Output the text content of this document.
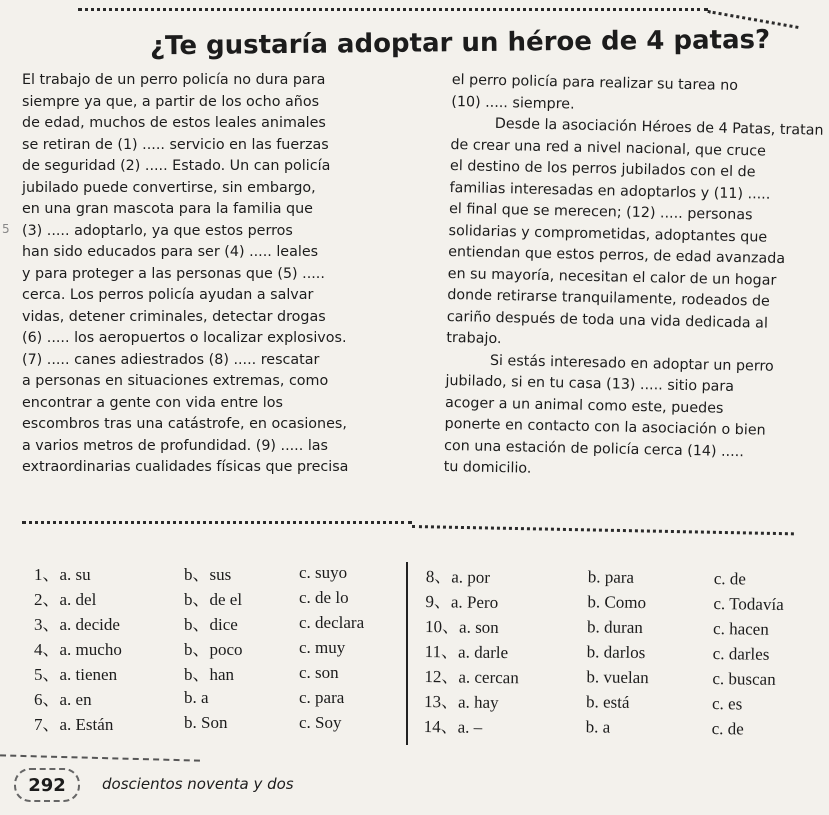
¿Te gustaría adoptar un héroe de 4 patas?
5

El trabajo de un perro policía no dura para

siempre ya que, a partir de los ocho años

de edad, muchos de estos leales animales

se retiran de (1) ..... servicio en las fuerzas

de seguridad (2) ..... Estado. Un can policía

jubilado puede convertirse, sin embargo,

en una gran mascota para la familia que

(3) ..... adoptarlo, ya que estos perros

han sido educados para ser (4) ..... leales

y para proteger a las personas que (5) .....

cerca. Los perros policía ayudan a salvar

vidas, detener criminales, detectar drogas

(6) ..... los aeropuertos o localizar explosivos.

(7) ..... canes adiestrados (8) ..... rescatar

a personas en situaciones extremas, como

encontrar a gente con vida entre los

escombros tras una catástrofe, en ocasiones,

a varios metros de profundidad. (9) ..... las

extraordinarias cualidades físicas que precisa

el perro policía para realizar su tarea no

(10) ..... siempre.

Desde la asociación Héroes de 4 Patas, tratan

de crear una red a nivel nacional, que cruce

el destino de los perros jubilados con el de

familias interesadas en adoptarlos y (11) .....

el final que se merecen; (12) ..... personas

solidarias y comprometidas, adoptantes que

entiendan que estos perros, de edad avanzada

en su mayoría, necesitan el calor de un hogar

donde retirarse tranquilamente, rodeados de

cariño después de toda una vida dedicada al

trabajo.

Si estás interesado en adoptar un perro

jubilado, si en tu casa (13) ..... sitio para

acoger a un animal como este, puedes

ponerte en contacto con la asociación o bien

con una estación de policía cerca (14) .....

tu domicilio.

1、a. su	b、sus	c. suyo
2、a. del	b、de el	c. de lo
3、a. decide	b、dice	c. declara
4、a. mucho	b、poco	c. muy
5、a. tienen	b、han	c. son
6、a. en	b. a	c. para
7、a. Están	b. Son	c. Soy
8、a. por	b. para	c. de
9、a. Pero	b. Como	c. Todavía
10、a. son	b. duran	c. hacen
11、a. darle	b. darlos	c. darles
12、a. cercan	b. vuelan	c. buscan
13、a. hay	b. está	c. es
14、a. –	b. a	c. de
292 doscientos noventa y dos
